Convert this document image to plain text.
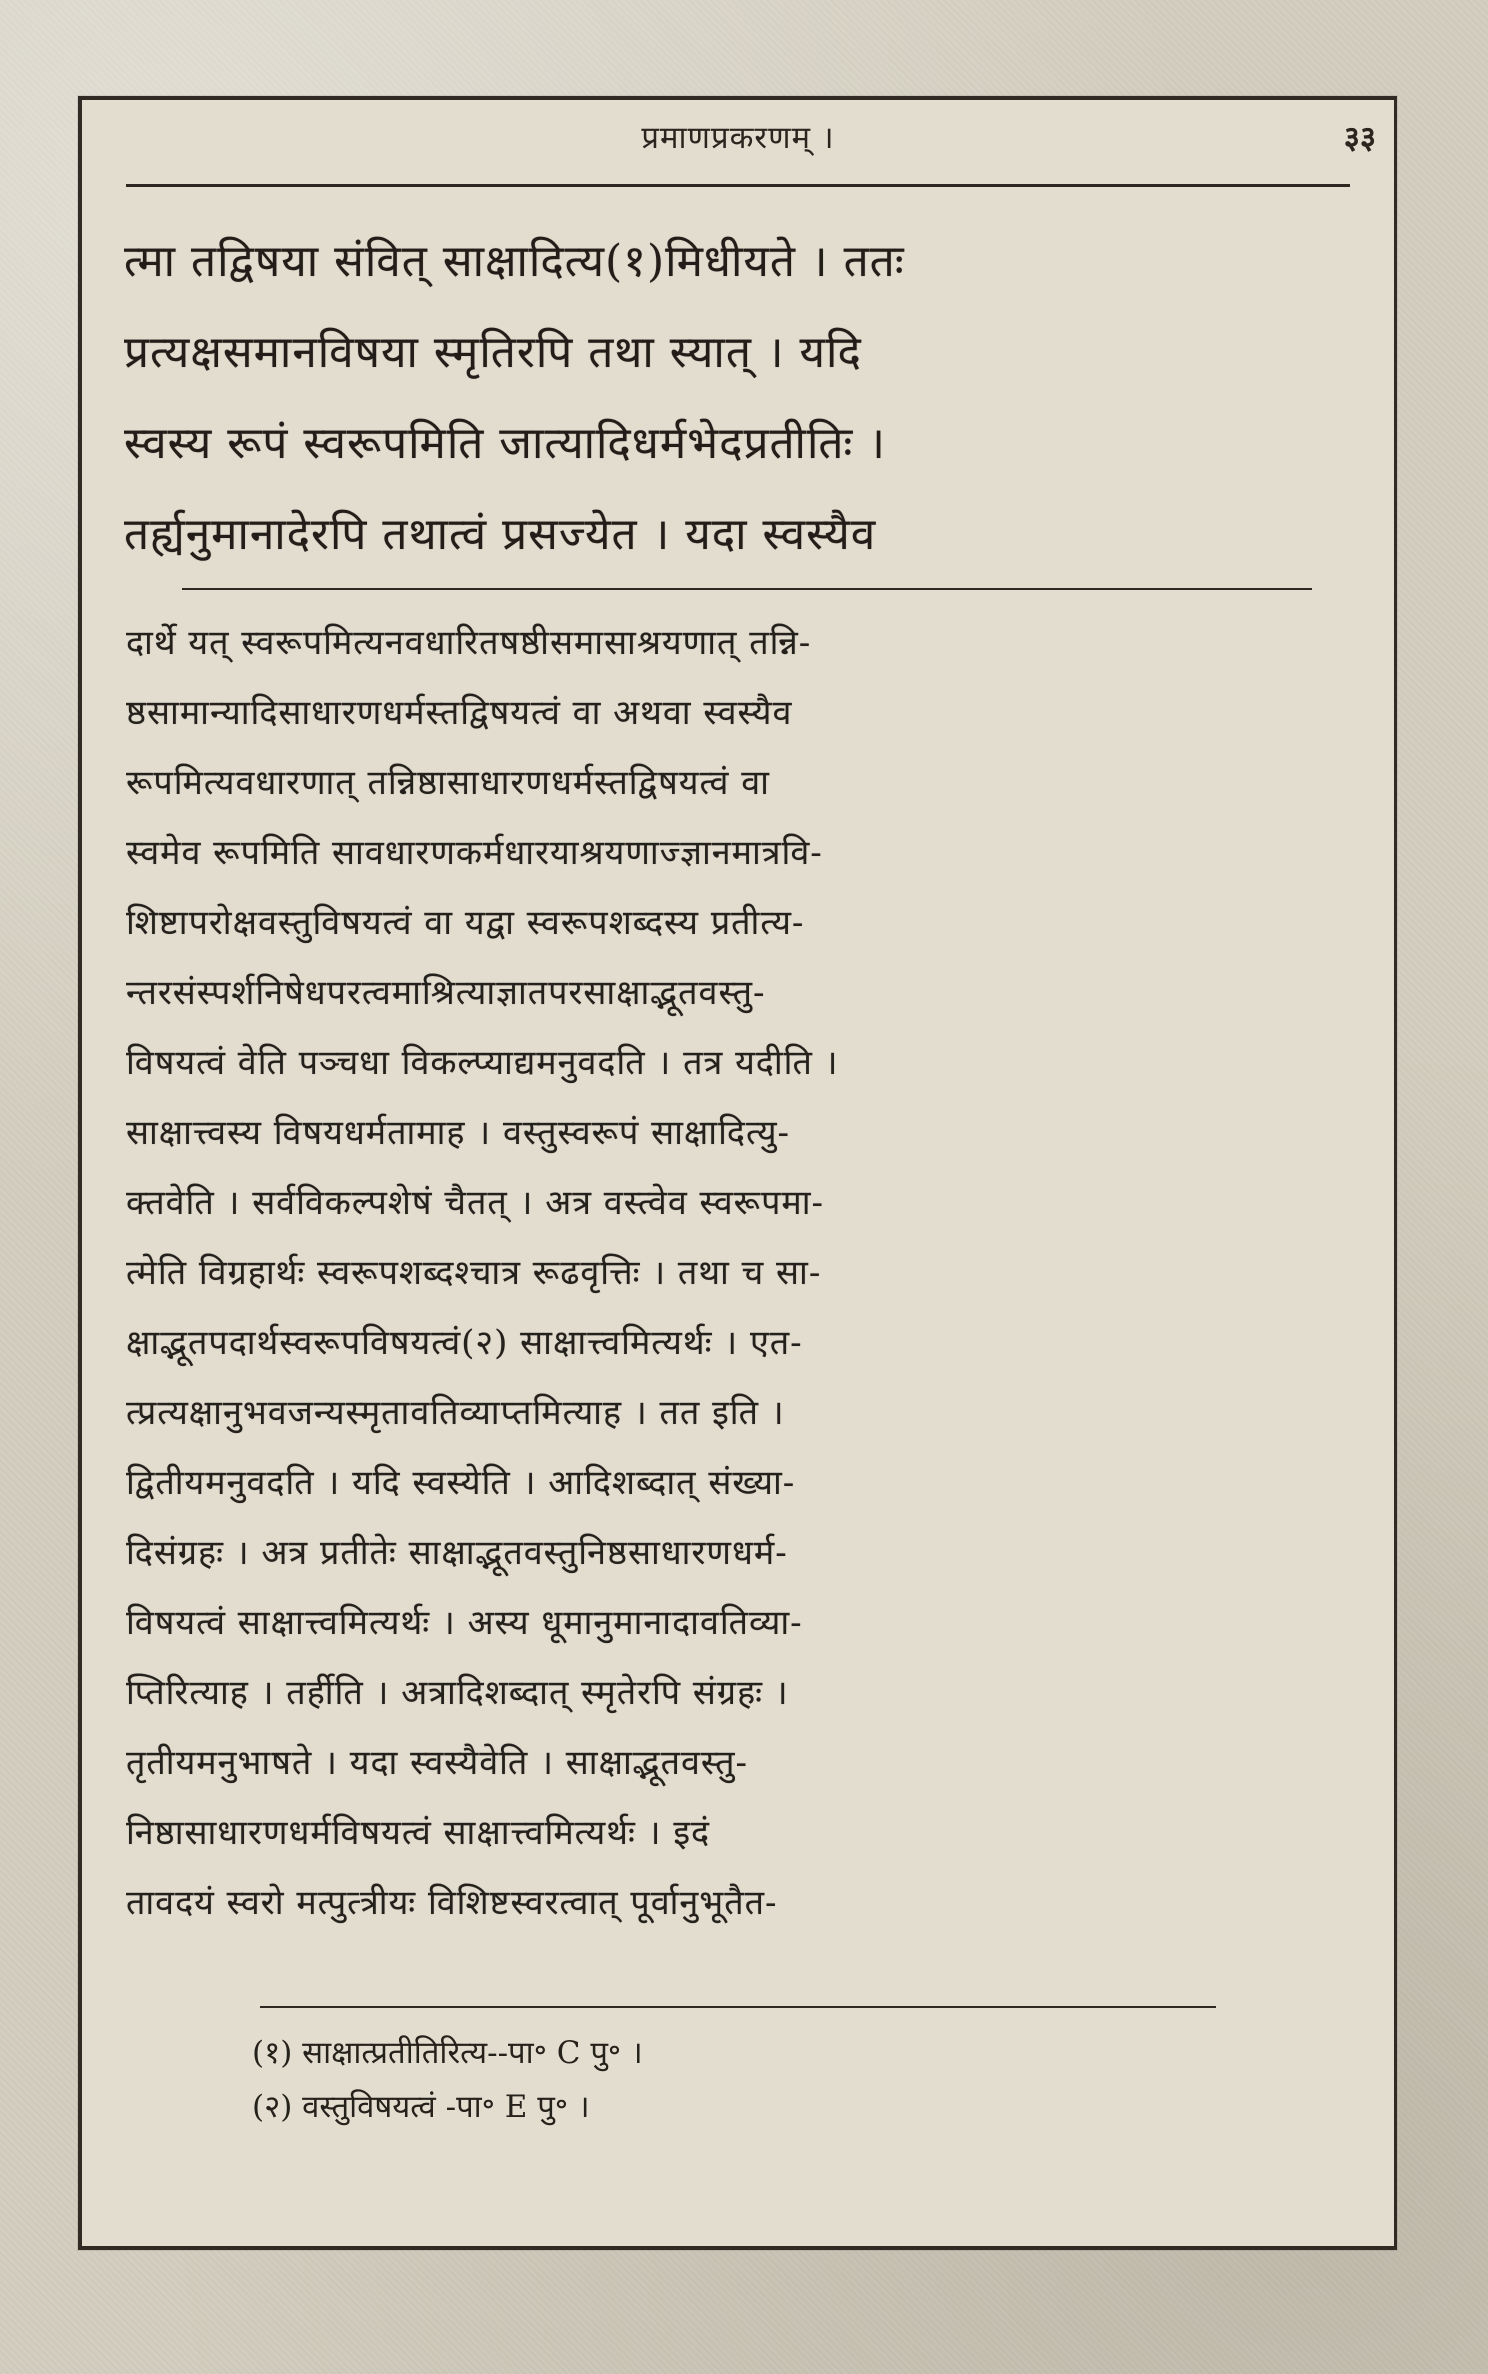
प्रमाणप्रकरणम् ।	३३
त्मा तद्विषया संवित् साक्षादित्य(१)मिधीयते । ततः
प्रत्यक्षसमानविषया स्मृतिरपि तथा स्यात् । यदि
स्वस्य रूपं स्वरूपमिति जात्यादिधर्मभेदप्रतीतिः ।
तर्ह्यनुमानादेरपि तथात्वं प्रसज्येत । यदा स्वस्यैव
दार्थे यत् स्वरूपमित्यनवधारितषष्ठीसमासाश्रयणात् तन्नि-
ष्ठसामान्यादिसाधारणधर्मस्तद्विषयत्वं वा अथवा स्वस्यैव
रूपमित्यवधारणात् तन्निष्ठासाधारणधर्मस्तद्विषयत्वं वा
स्वमेव रूपमिति सावधारणकर्मधारयाश्रयणाज्ज्ञानमात्रवि-
शिष्टापरोक्षवस्तुविषयत्वं वा यद्वा स्वरूपशब्दस्य प्रतीत्य-
न्तरसंस्पर्शनिषेधपरत्वमाश्रित्याज्ञातपरसाक्षाद्भूतवस्तु-
विषयत्वं वेति पञ्चधा विकल्प्याद्यमनुवदति । तत्र यदीति ।
साक्षात्त्वस्य विषयधर्मतामाह । वस्तुस्वरूपं साक्षादित्यु-
क्तवेति । सर्वविकल्पशेषं चैतत् । अत्र वस्त्वेव स्वरूपमा-
त्मेति विग्रहार्थः स्वरूपशब्दश्चात्र रूढवृत्तिः । तथा च सा-
क्षाद्भूतपदार्थस्वरूपविषयत्वं(२) साक्षात्त्वमित्यर्थः । एत-
त्प्रत्यक्षानुभवजन्यस्मृतावतिव्याप्तमित्याह । तत इति ।
द्वितीयमनुवदति । यदि स्वस्येति । आदिशब्दात् संख्या-
दिसंग्रहः । अत्र प्रतीतेः साक्षाद्भूतवस्तुनिष्ठसाधारणधर्म-
विषयत्वं साक्षात्त्वमित्यर्थः । अस्य धूमानुमानादावतिव्या-
प्तिरित्याह । तर्हीति । अत्रादिशब्दात् स्मृतेरपि संग्रहः ।
तृतीयमनुभाषते । यदा स्वस्यैवेति । साक्षाद्भूतवस्तु-
निष्ठासाधारणधर्मविषयत्वं साक्षात्त्वमित्यर्थः । इदं
तावदयं स्वरो मत्पुत्त्रीयः विशिष्टस्वरत्वात् पूर्वानुभूतैत-
(१) साक्षात्प्रतीतिरित्य--पा॰ C पु॰ ।
(२) वस्तुविषयत्वं -पा॰ E पु॰ ।
